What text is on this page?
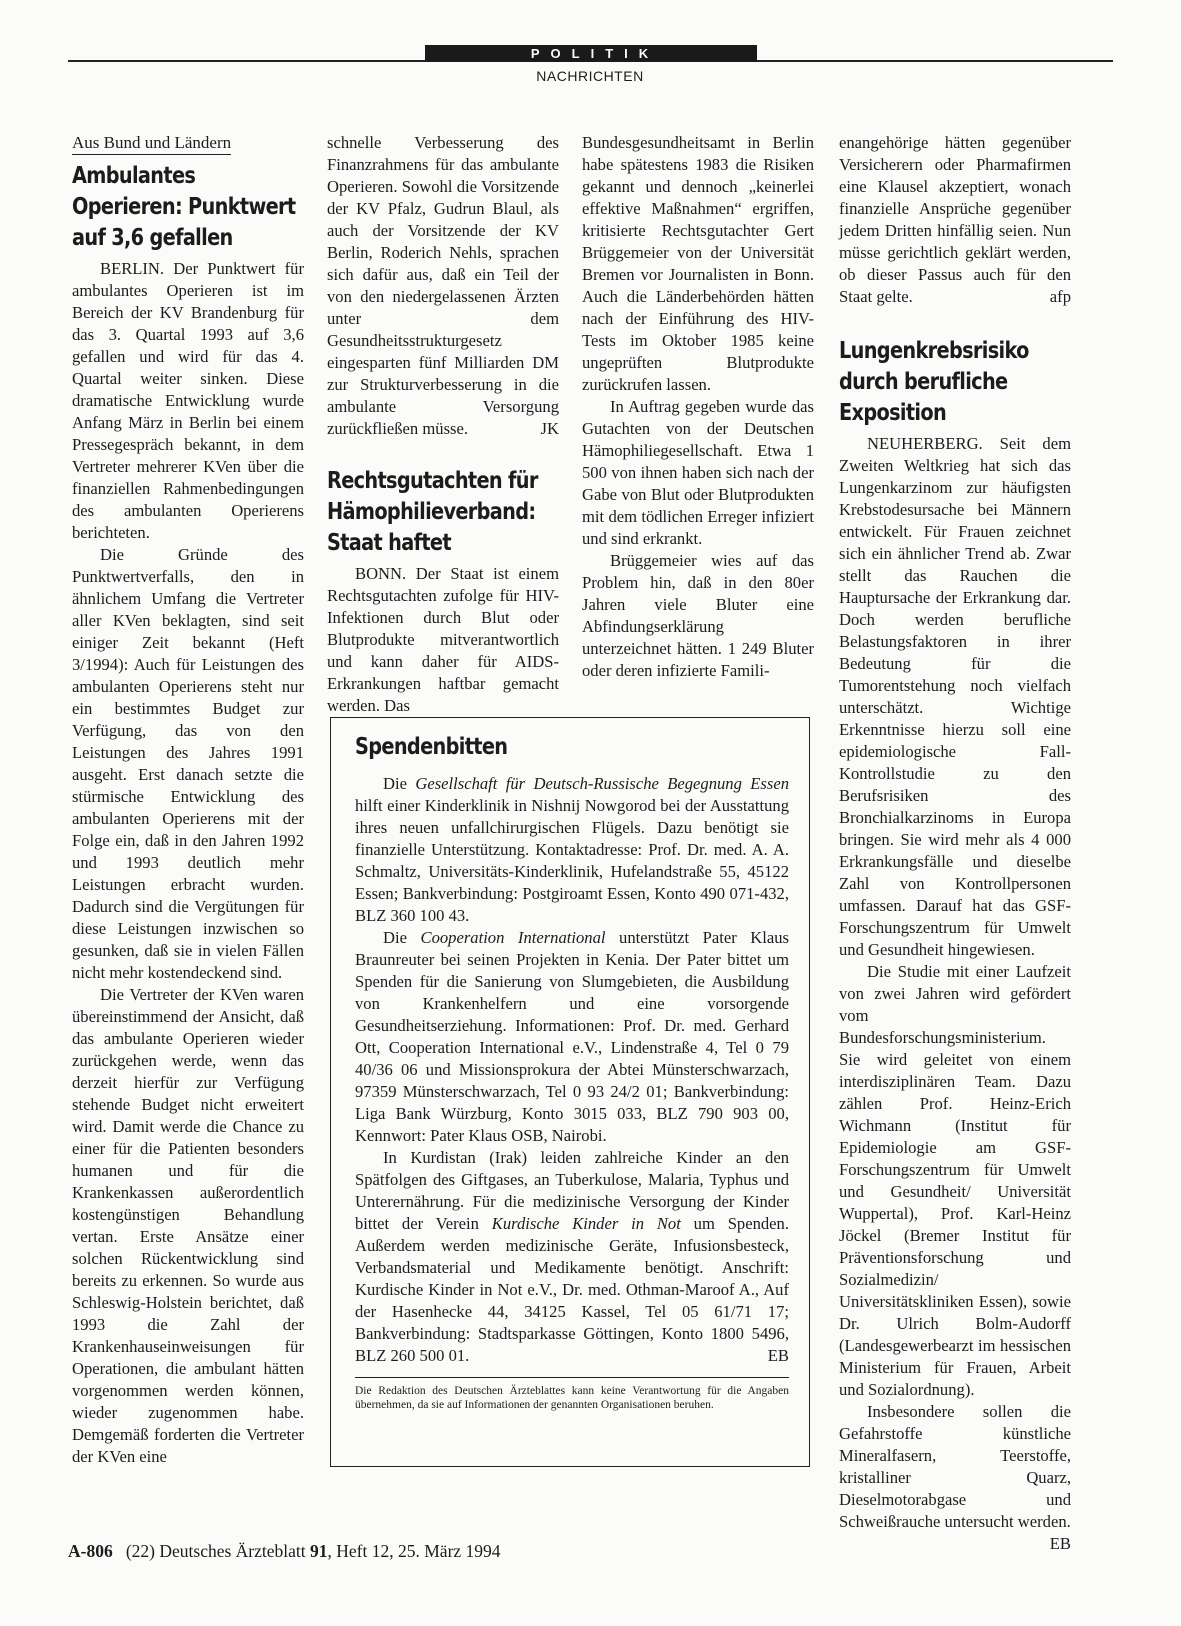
POLITIK
NACHRICHTEN
Aus Bund und Ländern
Ambulantes Operieren: Punktwert auf 3,6 gefallen

BERLIN. Der Punktwert für ambulantes Operieren ist im Bereich der KV Brandenburg für das 3. Quartal 1993 auf 3,6 gefallen und wird für das 4. Quartal weiter sinken. Diese dramatische Entwicklung wurde Anfang März in Berlin bei einem Pressegespräch bekannt, in dem Vertreter mehrerer KVen über die finanziellen Rahmenbedingungen des ambulanten Operierens berichteten.

Die Gründe des Punktwertverfalls, den in ähnlichem Umfang die Vertreter aller KVen beklagten, sind seit einiger Zeit bekannt (Heft 3/1994): Auch für Leistungen des ambulanten Operierens steht nur ein bestimmtes Budget zur Verfügung, das von den Leistungen des Jahres 1991 ausgeht. Erst danach setzte die stürmische Entwicklung des ambulanten Operierens mit der Folge ein, daß in den Jahren 1992 und 1993 deutlich mehr Leistungen erbracht wurden. Dadurch sind die Vergütungen für diese Leistungen inzwischen so gesunken, daß sie in vielen Fällen nicht mehr kostendeckend sind.

Die Vertreter der KVen waren übereinstimmend der Ansicht, daß das ambulante Operieren wieder zurückgehen werde, wenn das derzeit hierfür zur Verfügung stehende Budget nicht erweitert wird. Damit werde die Chance zu einer für die Patienten besonders humanen und für die Krankenkassen außerordentlich kostengünstigen Behandlung vertan. Erste Ansätze einer solchen Rückentwicklung sind bereits zu erkennen. So wurde aus Schleswig-Holstein berichtet, daß 1993 die Zahl der Krankenhauseinweisungen für Operationen, die ambulant hätten vorgenommen werden können, wieder zugenommen habe. Demgemäß forderten die Vertreter der KVen eine

schnelle Verbesserung des Finanzrahmens für das ambulante Operieren. Sowohl die Vorsitzende der KV Pfalz, Gudrun Blaul, als auch der Vorsitzende der KV Berlin, Roderich Nehls, sprachen sich dafür aus, daß ein Teil der von den niedergelassenen Ärzten unter dem Gesundheitsstrukturgesetz eingesparten fünf Milliarden DM zur Strukturverbesserung in die ambulante Versorgung zurückfließen müsse.	JK

Rechtsgutachten für Hämophilieverband: Staat haftet

BONN. Der Staat ist einem Rechtsgutachten zufolge für HIV-Infektionen durch Blut oder Blutprodukte mitverantwortlich und kann daher für AIDS-Erkrankungen haftbar gemacht werden. Das

Bundesgesundheitsamt in Berlin habe spätestens 1983 die Risiken gekannt und dennoch „keinerlei effektive Maßnahmen“ ergriffen, kritisierte Rechtsgutachter Gert Brüggemeier von der Universität Bremen vor Journalisten in Bonn. Auch die Länderbehörden hätten nach der Einführung des HIV-Tests im Oktober 1985 keine ungeprüften Blutprodukte zurückrufen lassen.

In Auftrag gegeben wurde das Gutachten von der Deutschen Hämophiliegesellschaft. Etwa 1 500 von ihnen haben sich nach der Gabe von Blut oder Blutprodukten mit dem tödlichen Erreger infiziert und sind erkrankt.

Brüggemeier wies auf das Problem hin, daß in den 80er Jahren viele Bluter eine Abfindungserklärung unterzeichnet hätten. 1 249 Bluter oder deren infizierte Famili-

enangehörige hätten gegenüber Versicherern oder Pharmafirmen eine Klausel akzeptiert, wonach finanzielle Ansprüche gegenüber jedem Dritten hinfällig seien. Nun müsse gerichtlich geklärt werden, ob dieser Passus auch für den Staat gelte.	afp

Lungenkrebsrisiko durch berufliche Exposition

NEUHERBERG. Seit dem Zweiten Weltkrieg hat sich das Lungenkarzinom zur häufigsten Krebstodesursache bei Männern entwickelt. Für Frauen zeichnet sich ein ähnlicher Trend ab. Zwar stellt das Rauchen die Hauptursache der Erkrankung dar. Doch werden berufliche Belastungsfaktoren in ihrer Bedeutung für die Tumorentstehung noch vielfach unterschätzt. Wichtige Erkenntnisse hierzu soll eine epidemiologische Fall-Kontrollstudie zu den Berufsrisiken des Bronchialkarzinoms in Europa bringen. Sie wird mehr als 4 000 Erkrankungsfälle und dieselbe Zahl von Kontrollpersonen umfassen. Darauf hat das GSF-Forschungszentrum für Umwelt und Gesundheit hingewiesen.

Die Studie mit einer Laufzeit von zwei Jahren wird gefördert vom Bundesforschungsministerium. Sie wird geleitet von einem interdisziplinären Team. Dazu zählen Prof. Heinz-Erich Wichmann (Institut für Epidemiologie am GSF-Forschungszentrum für Umwelt und Gesundheit/ Universität Wuppertal), Prof. Karl-Heinz Jöckel (Bremer Institut für Präventionsforschung und Sozialmedizin/ Universitätskliniken Essen), sowie Dr. Ulrich Bolm-Audorff (Landesgewerbearzt im hessischen Ministerium für Frauen, Arbeit und Sozialordnung).

Insbesondere sollen die Gefahrstoffe künstliche Mineralfasern, Teerstoffe, kristalliner Quarz, Dieselmotorabgase und Schweißrauche untersucht werden.
EB

Spendenbitten

Die Gesellschaft für Deutsch-Russische Begegnung Essen hilft einer Kinderklinik in Nishnij Nowgorod bei der Ausstattung ihres neuen unfallchirurgischen Flügels. Dazu benötigt sie finanzielle Unterstützung. Kontaktadresse: Prof. Dr. med. A. A. Schmaltz, Universitäts-Kinderklinik, Hufelandstraße 55, 45122 Essen; Bankverbindung: Postgiroamt Essen, Konto 490 071-432, BLZ 360 100 43.

Die Cooperation International unterstützt Pater Klaus Braunreuter bei seinen Projekten in Kenia. Der Pater bittet um Spenden für die Sanierung von Slumgebieten, die Ausbildung von Krankenhelfern und eine vorsorgende Gesundheitserziehung. Informationen: Prof. Dr. med. Gerhard Ott, Cooperation International e.V., Lindenstraße 4, Tel 0 79 40/36 06 und Missionsprokura der Abtei Münsterschwarzach, 97359 Münsterschwarzach, Tel 0 93 24/2 01; Bankverbindung: Liga Bank Würzburg, Konto 3015 033, BLZ 790 903 00, Kennwort: Pater Klaus OSB, Nairobi.

In Kurdistan (Irak) leiden zahlreiche Kinder an den Spätfolgen des Giftgases, an Tuberkulose, Malaria, Typhus und Unterernährung. Für die medizinische Versorgung der Kinder bittet der Verein Kurdische Kinder in Not um Spenden. Außerdem werden medizinische Geräte, Infusionsbesteck, Verbandsmaterial und Medikamente benötigt. Anschrift: Kurdische Kinder in Not e.V., Dr. med. Othman-Maroof A., Auf der Hasenhecke 44, 34125 Kassel, Tel 05 61/71 17; Bankverbindung: Stadtsparkasse Göttingen, Konto 1800 5496, BLZ 260 500 01.	EB

Die Redaktion des Deutschen Ärzteblattes kann keine Verantwortung für die Angaben übernehmen, da sie auf Informationen der genannten Organisationen beruhen.

A-806 (22) Deutsches Ärzteblatt 91, Heft 12, 25. März 1994
